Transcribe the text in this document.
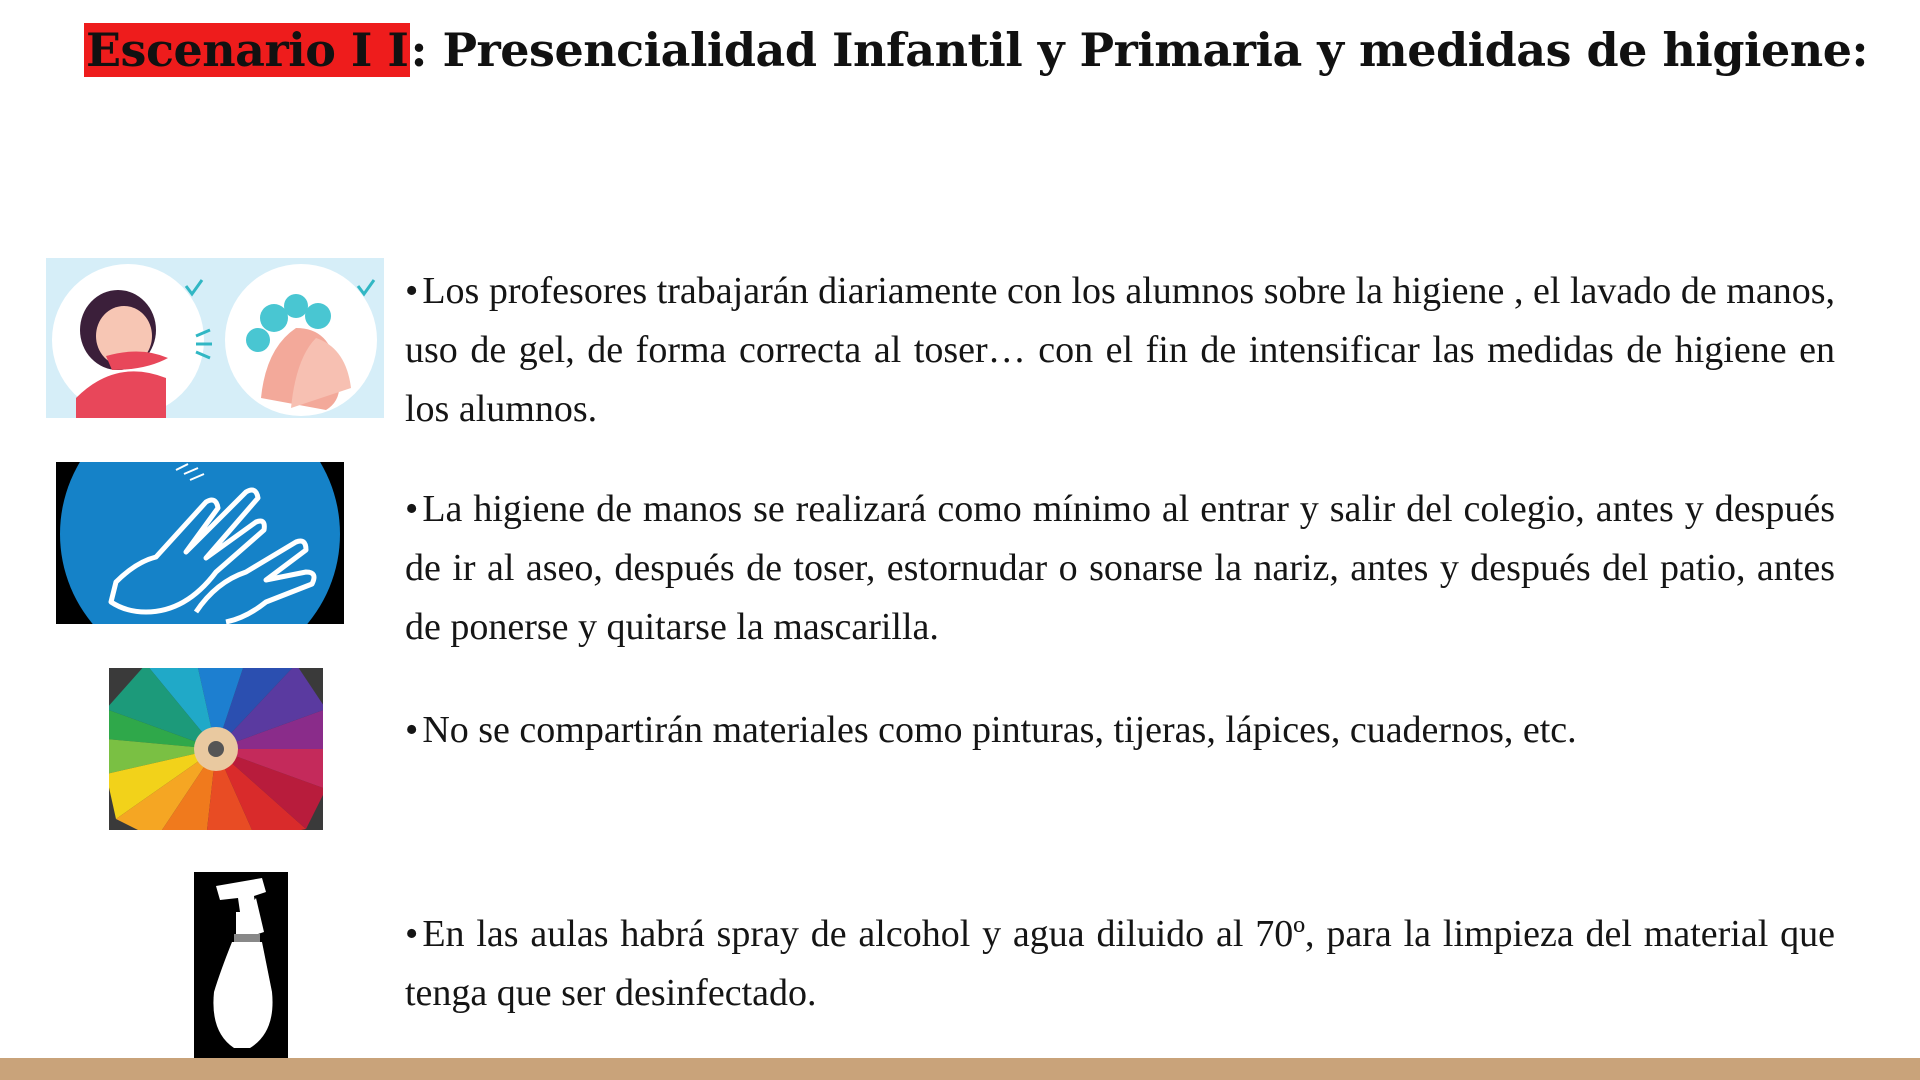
Escenario I I: Presencialidad Infantil y Primaria y medidas de higiene:
• Los profesores trabajarán diariamente con los alumnos sobre la higiene , el lavado de manos, uso de gel, de forma correcta al toser… con el fin de intensificar las medidas de higiene en los alumnos.
• La higiene de manos se realizará como mínimo al entrar y salir del colegio, antes y después de ir al aseo, después de toser, estornudar o sonarse la nariz, antes y después del patio, antes de ponerse y quitarse la mascarilla.
• No se compartirán materiales como pinturas, tijeras, lápices, cuadernos, etc.
• En las aulas habrá spray de alcohol y agua diluido al 70º, para la limpieza del material que tenga que ser desinfectado.
